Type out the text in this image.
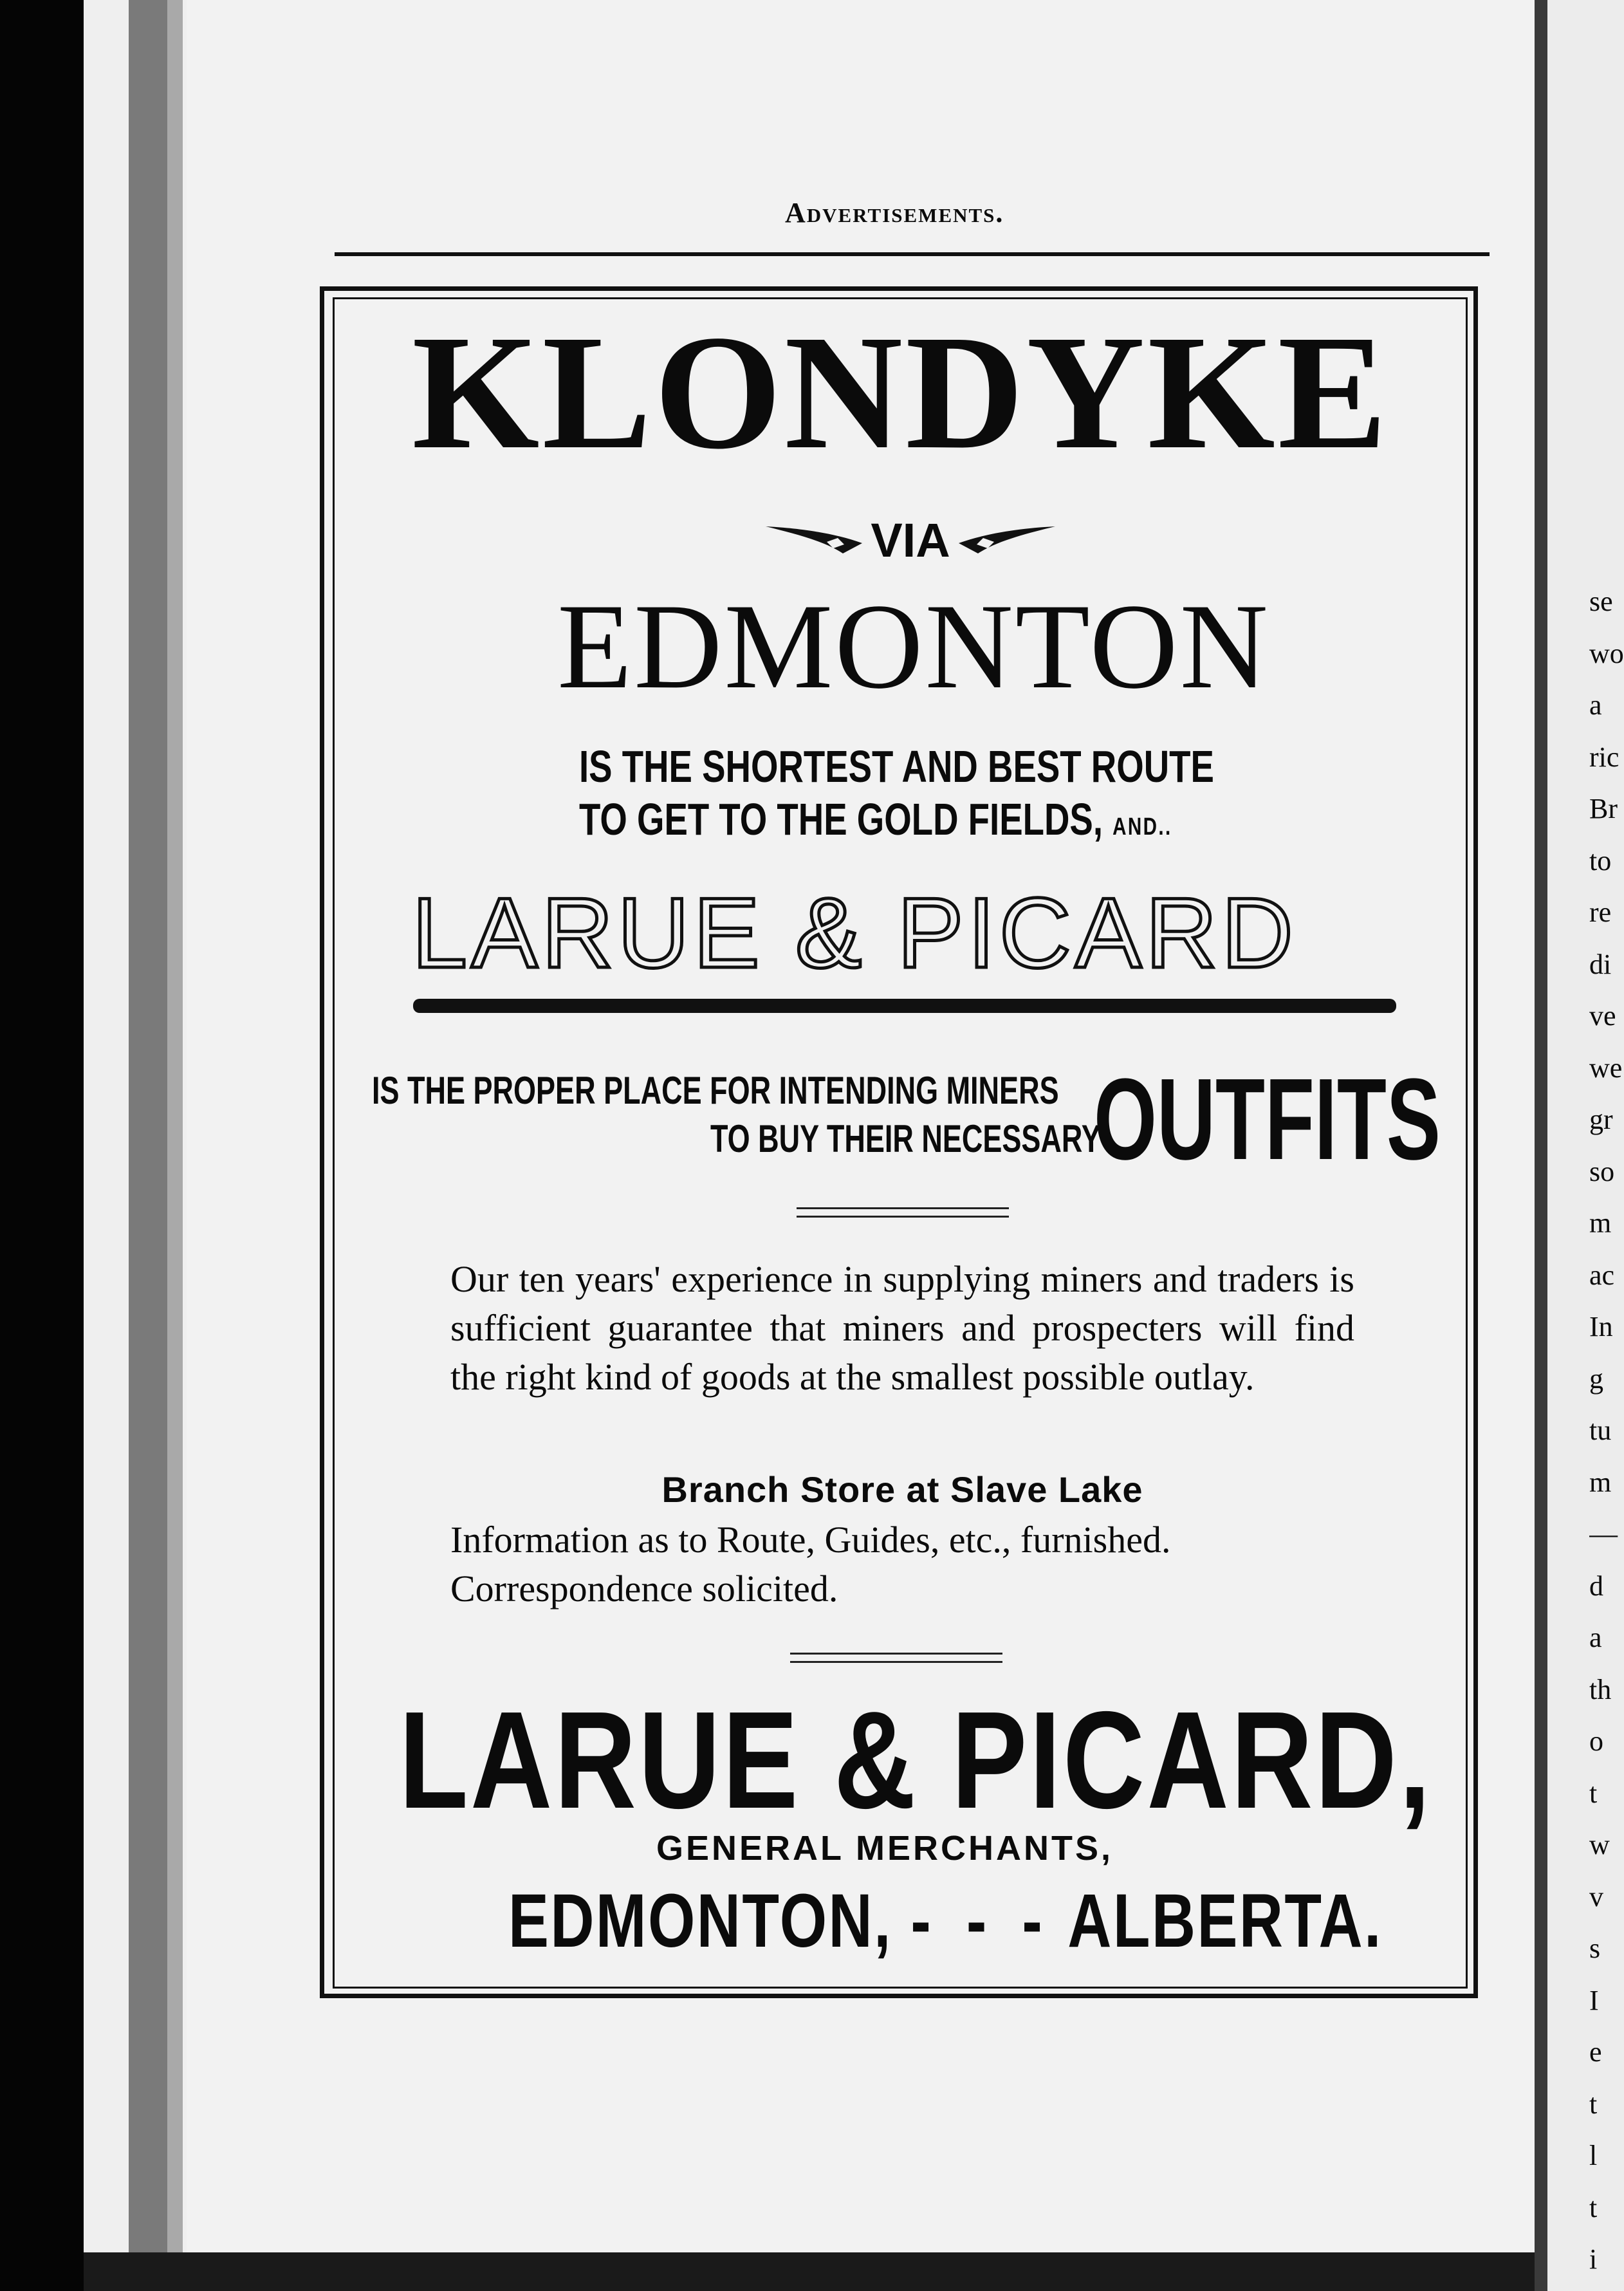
se
wo
a
ric
Br
to
re
di
ve
we
gr
so
m
ac
In
g
tu
m
—
d
a
th
o
t
w
v
s
I
e
t
l
t
i
Advertisements.
KLONDYKE
VIA
EDMONTON
IS THE SHORTEST AND BEST ROUTE
TO GET TO THE GOLD FIELDS, AND..
LARUE & PICARD
IS THE PROPER PLACE FOR INTENDING MINERS
TO BUY THEIR NECESSARY
OUTFITS

Our ten years' experience in supplying miners and traders is sufficient guarantee that miners and prospecters will find the right kind of goods at the smallest possible outlay.

Branch Store at Slave Lake
Information as to Route, Guides, etc., furnished.
Correspondence solicited.
LARUE & PICARD,
GENERAL MERCHANTS,
EDMONTON, - - - ALBERTA.
